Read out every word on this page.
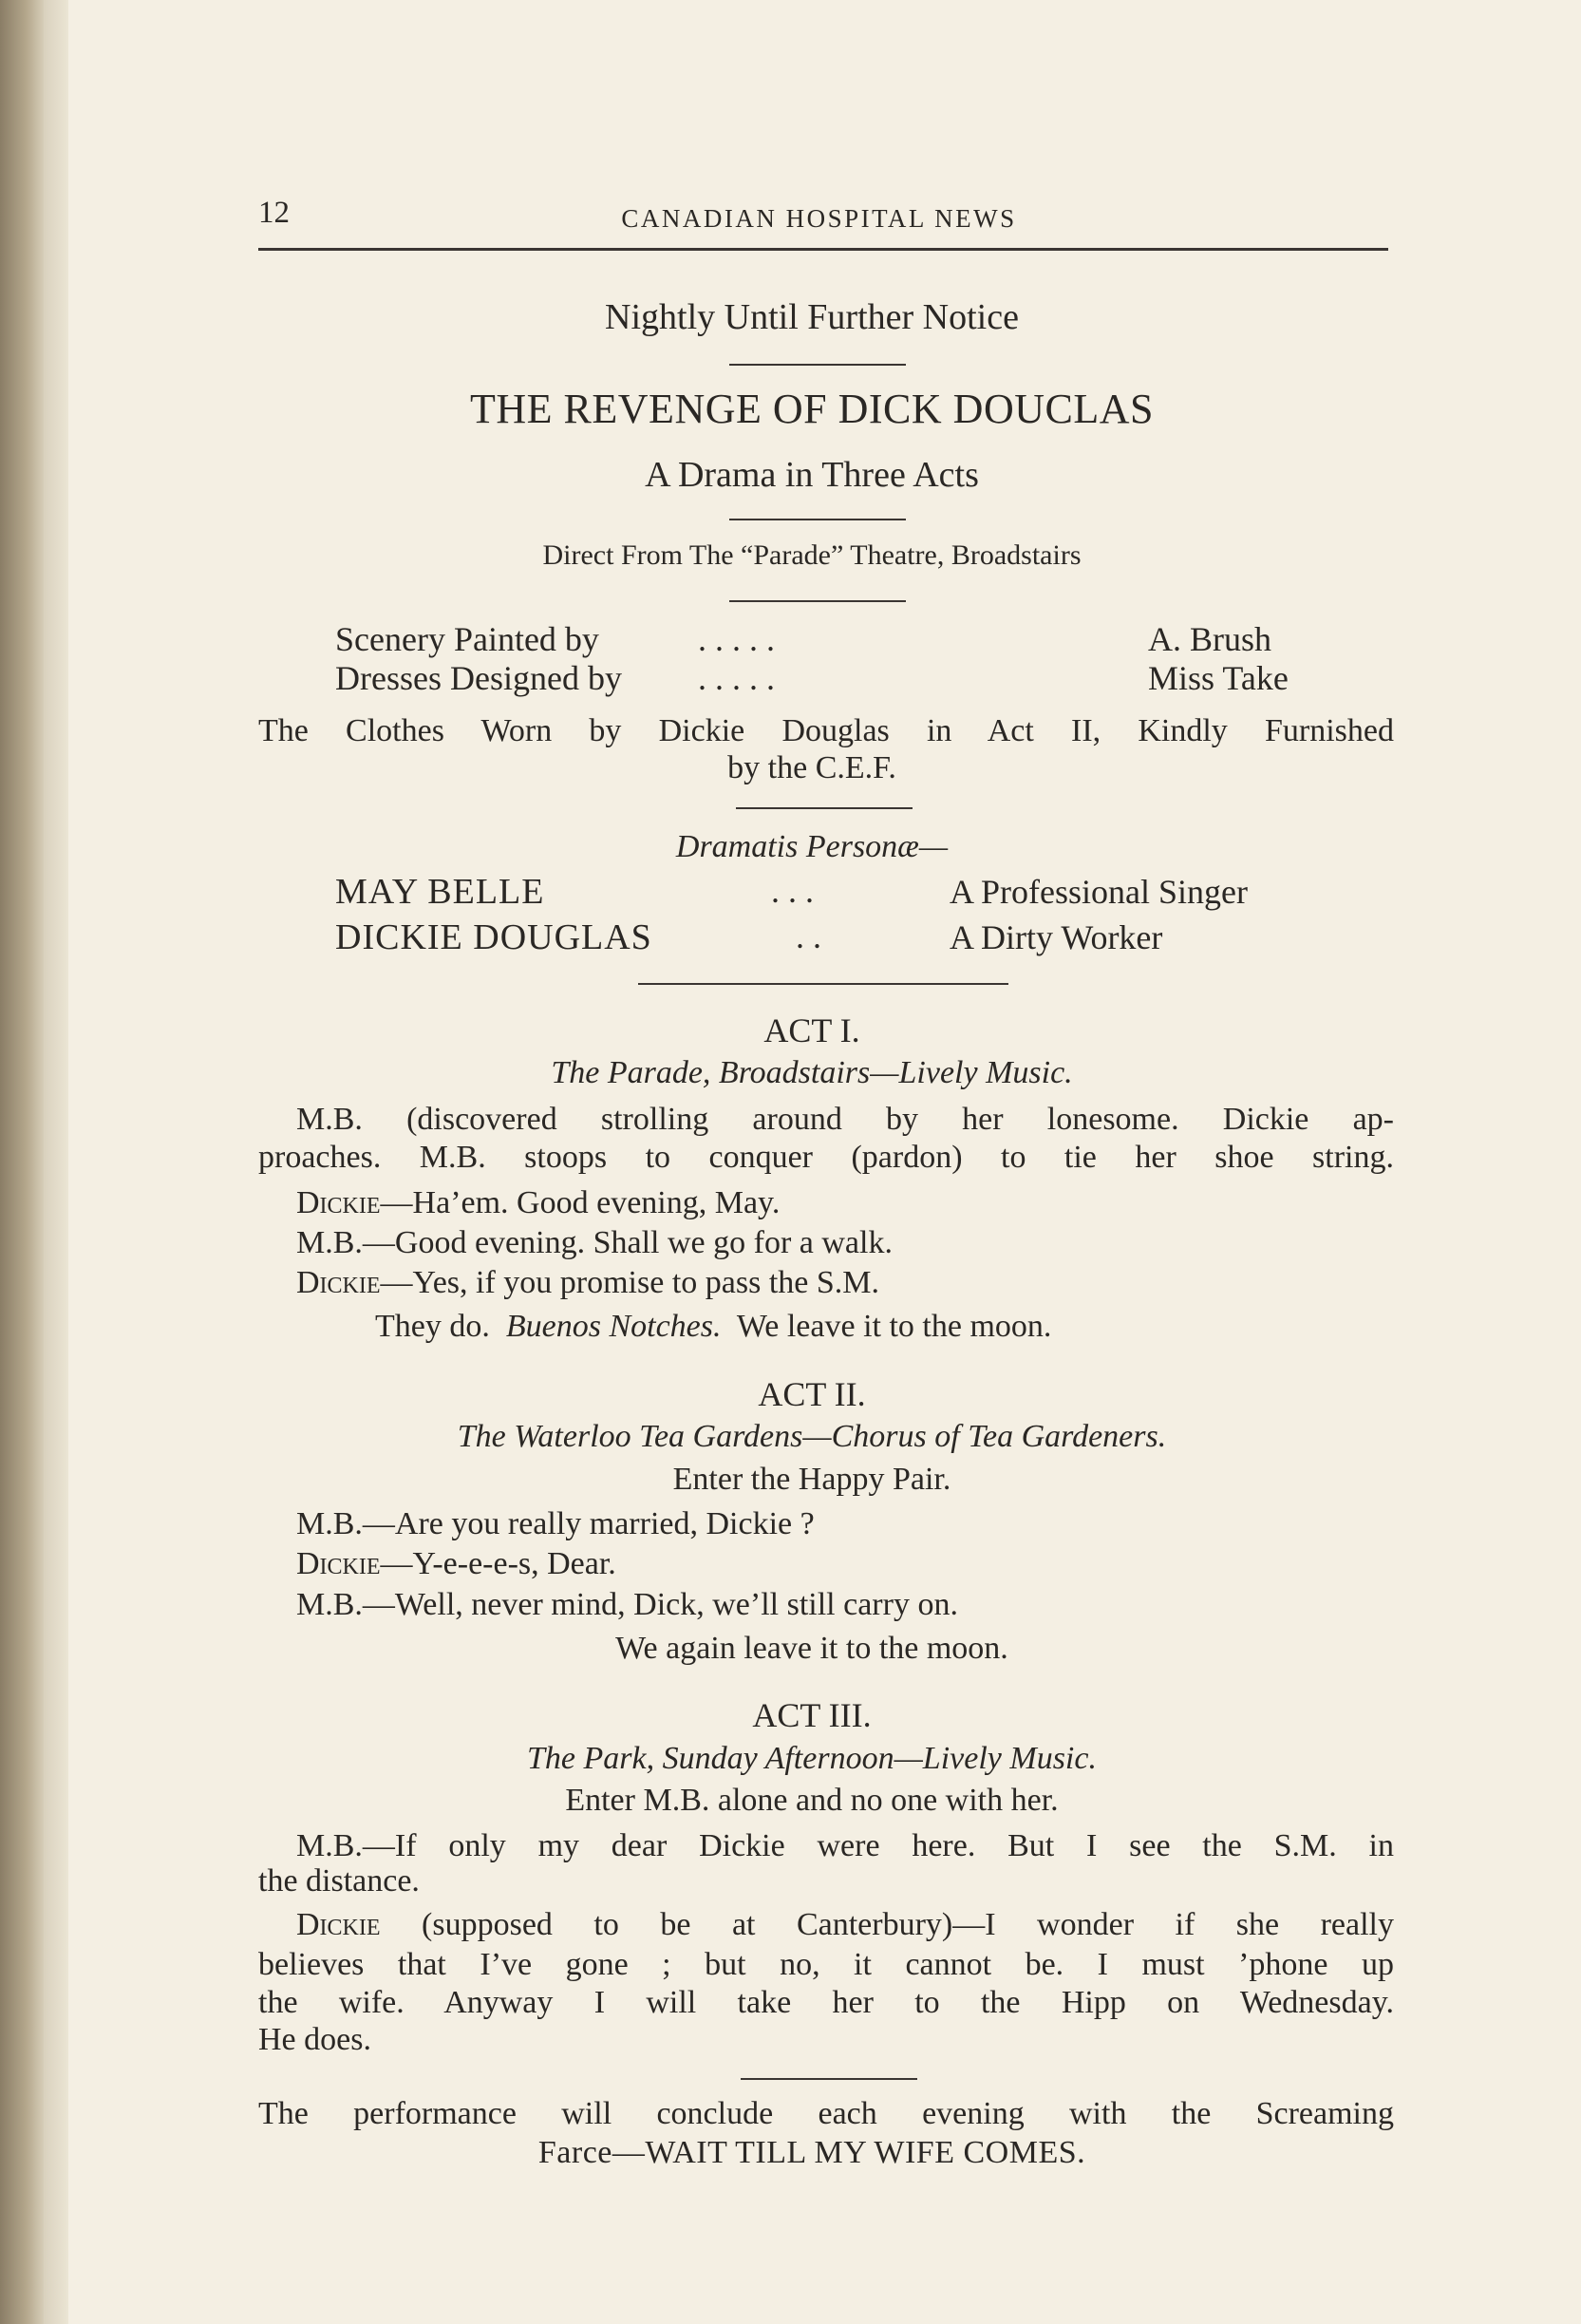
12	CANADIAN HOSPITAL NEWS
Nightly Until Further Notice
THE REVENGE OF DICK DOUCLAS
A Drama in Three Acts
Direct From The “Parade” Theatre, Broadstairs
Scenery Painted by	. . . . .	A. Brush
Dresses Designed by . . . . .	Miss Take
The Clothes Worn by Dickie Douglas in Act II, Kindly Furnished
by the C.E.F.
Dramatis Personæ—
MAY BELLE	. . .	A Professional Singer
DICKIE DOUGLAS	. .	A Dirty Worker
ACT I.
The Parade, Broadstairs—Lively Music.
M.B. (discovered strolling around by her lonesome. Dickie ap-
proaches. M.B. stoops to conquer (pardon) to tie her shoe string.
Dickie—Ha’em. Good evening, May.
M.B.—Good evening. Shall we go for a walk.
Dickie—Yes, if you promise to pass the S.M.
They do. Buenos Notches. We leave it to the moon.
ACT II.
The Waterloo Tea Gardens—Chorus of Tea Gardeners.
Enter the Happy Pair.
M.B.—Are you really married, Dickie ?
Dickie—Y-e-e-e-s, Dear.
M.B.—Well, never mind, Dick, we’ll still carry on.
We again leave it to the moon.
ACT III.
The Park, Sunday Afternoon—Lively Music.
Enter M.B. alone and no one with her.
M.B.—If only my dear Dickie were here. But I see the S.M. in
the distance.
Dickie (supposed to be at Canterbury)—I wonder if she really
believes that I’ve gone ; but no, it cannot be. I must ’phone up
the wife. Anyway I will take her to the Hipp on Wednesday.
He does.
The performance will conclude each evening with the Screaming
Farce—WAIT TILL MY WIFE COMES.
